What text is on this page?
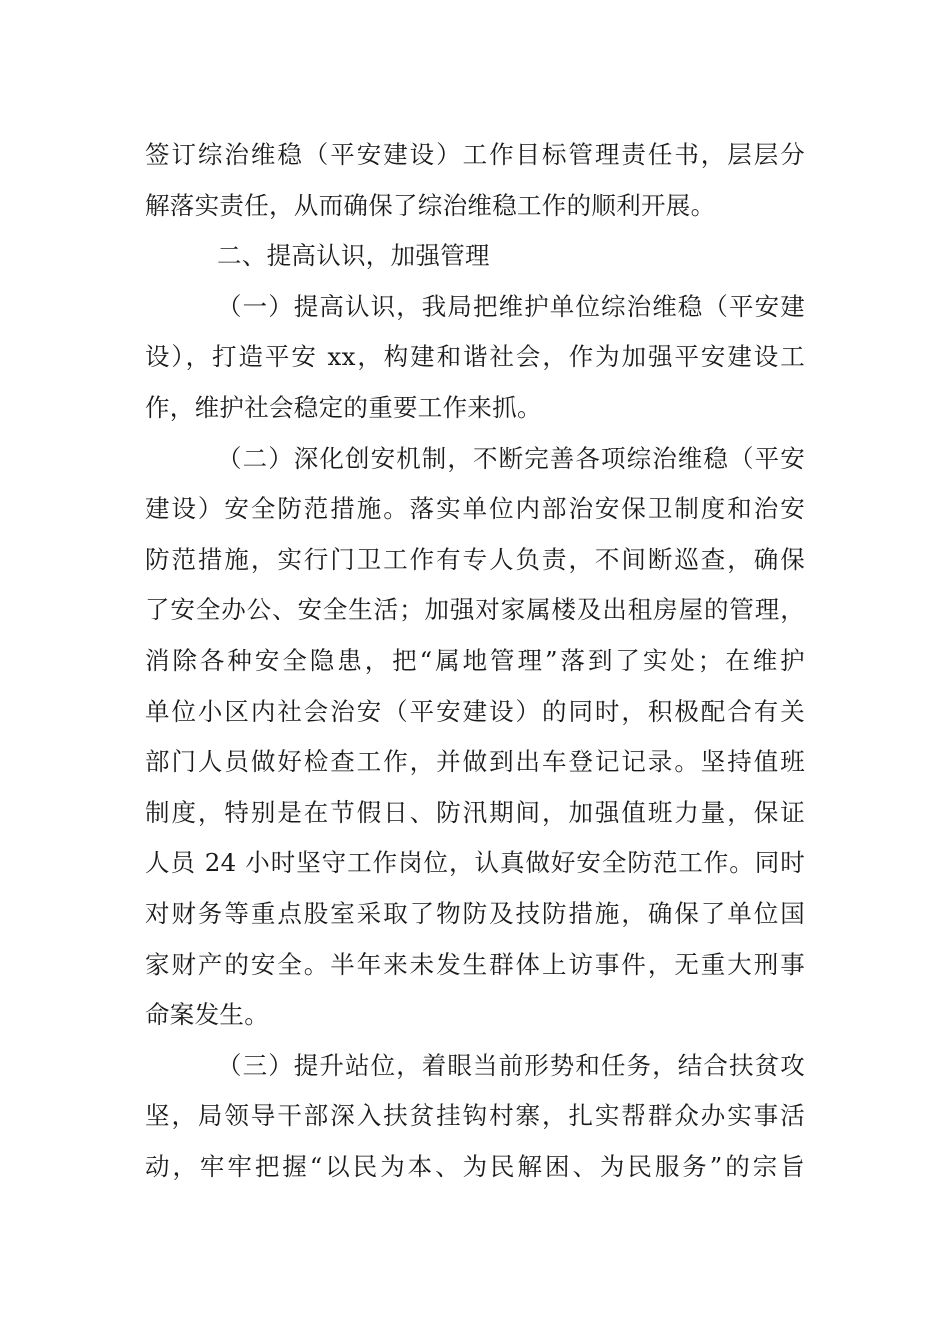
签订综治维稳（平安建设）工作目标管理责任书，层层分
解落实责任，从而确保了综治维稳工作的顺利开展。
二、提高认识，加强管理
（一）提高认识，我局把维护单位综治维稳（平安建
设），打造平安 xx，构建和谐社会，作为加强平安建设工
作，维护社会稳定的重要工作来抓。
（二）深化创安机制，不断完善各项综治维稳（平安
建设）安全防范措施。落实单位内部治安保卫制度和治安
防范措施，实行门卫工作有专人负责，不间断巡查，确保
了安全办公、安全生活；加强对家属楼及出租房屋的管理，
消除各种安全隐患，把“属地管理”落到了实处；在维护
单位小区内社会治安（平安建设）的同时，积极配合有关
部门人员做好检查工作，并做到出车登记记录。坚持值班
制度，特别是在节假日、防汛期间，加强值班力量，保证
人员 24 小时坚守工作岗位，认真做好安全防范工作。同时
对财务等重点股室采取了物防及技防措施，确保了单位国
家财产的安全。半年来未发生群体上访事件，无重大刑事
命案发生。
（三）提升站位，着眼当前形势和任务，结合扶贫攻
坚，局领导干部深入扶贫挂钩村寨，扎实帮群众办实事活
动，牢牢把握“以民为本、为民解困、为民服务”的宗旨
